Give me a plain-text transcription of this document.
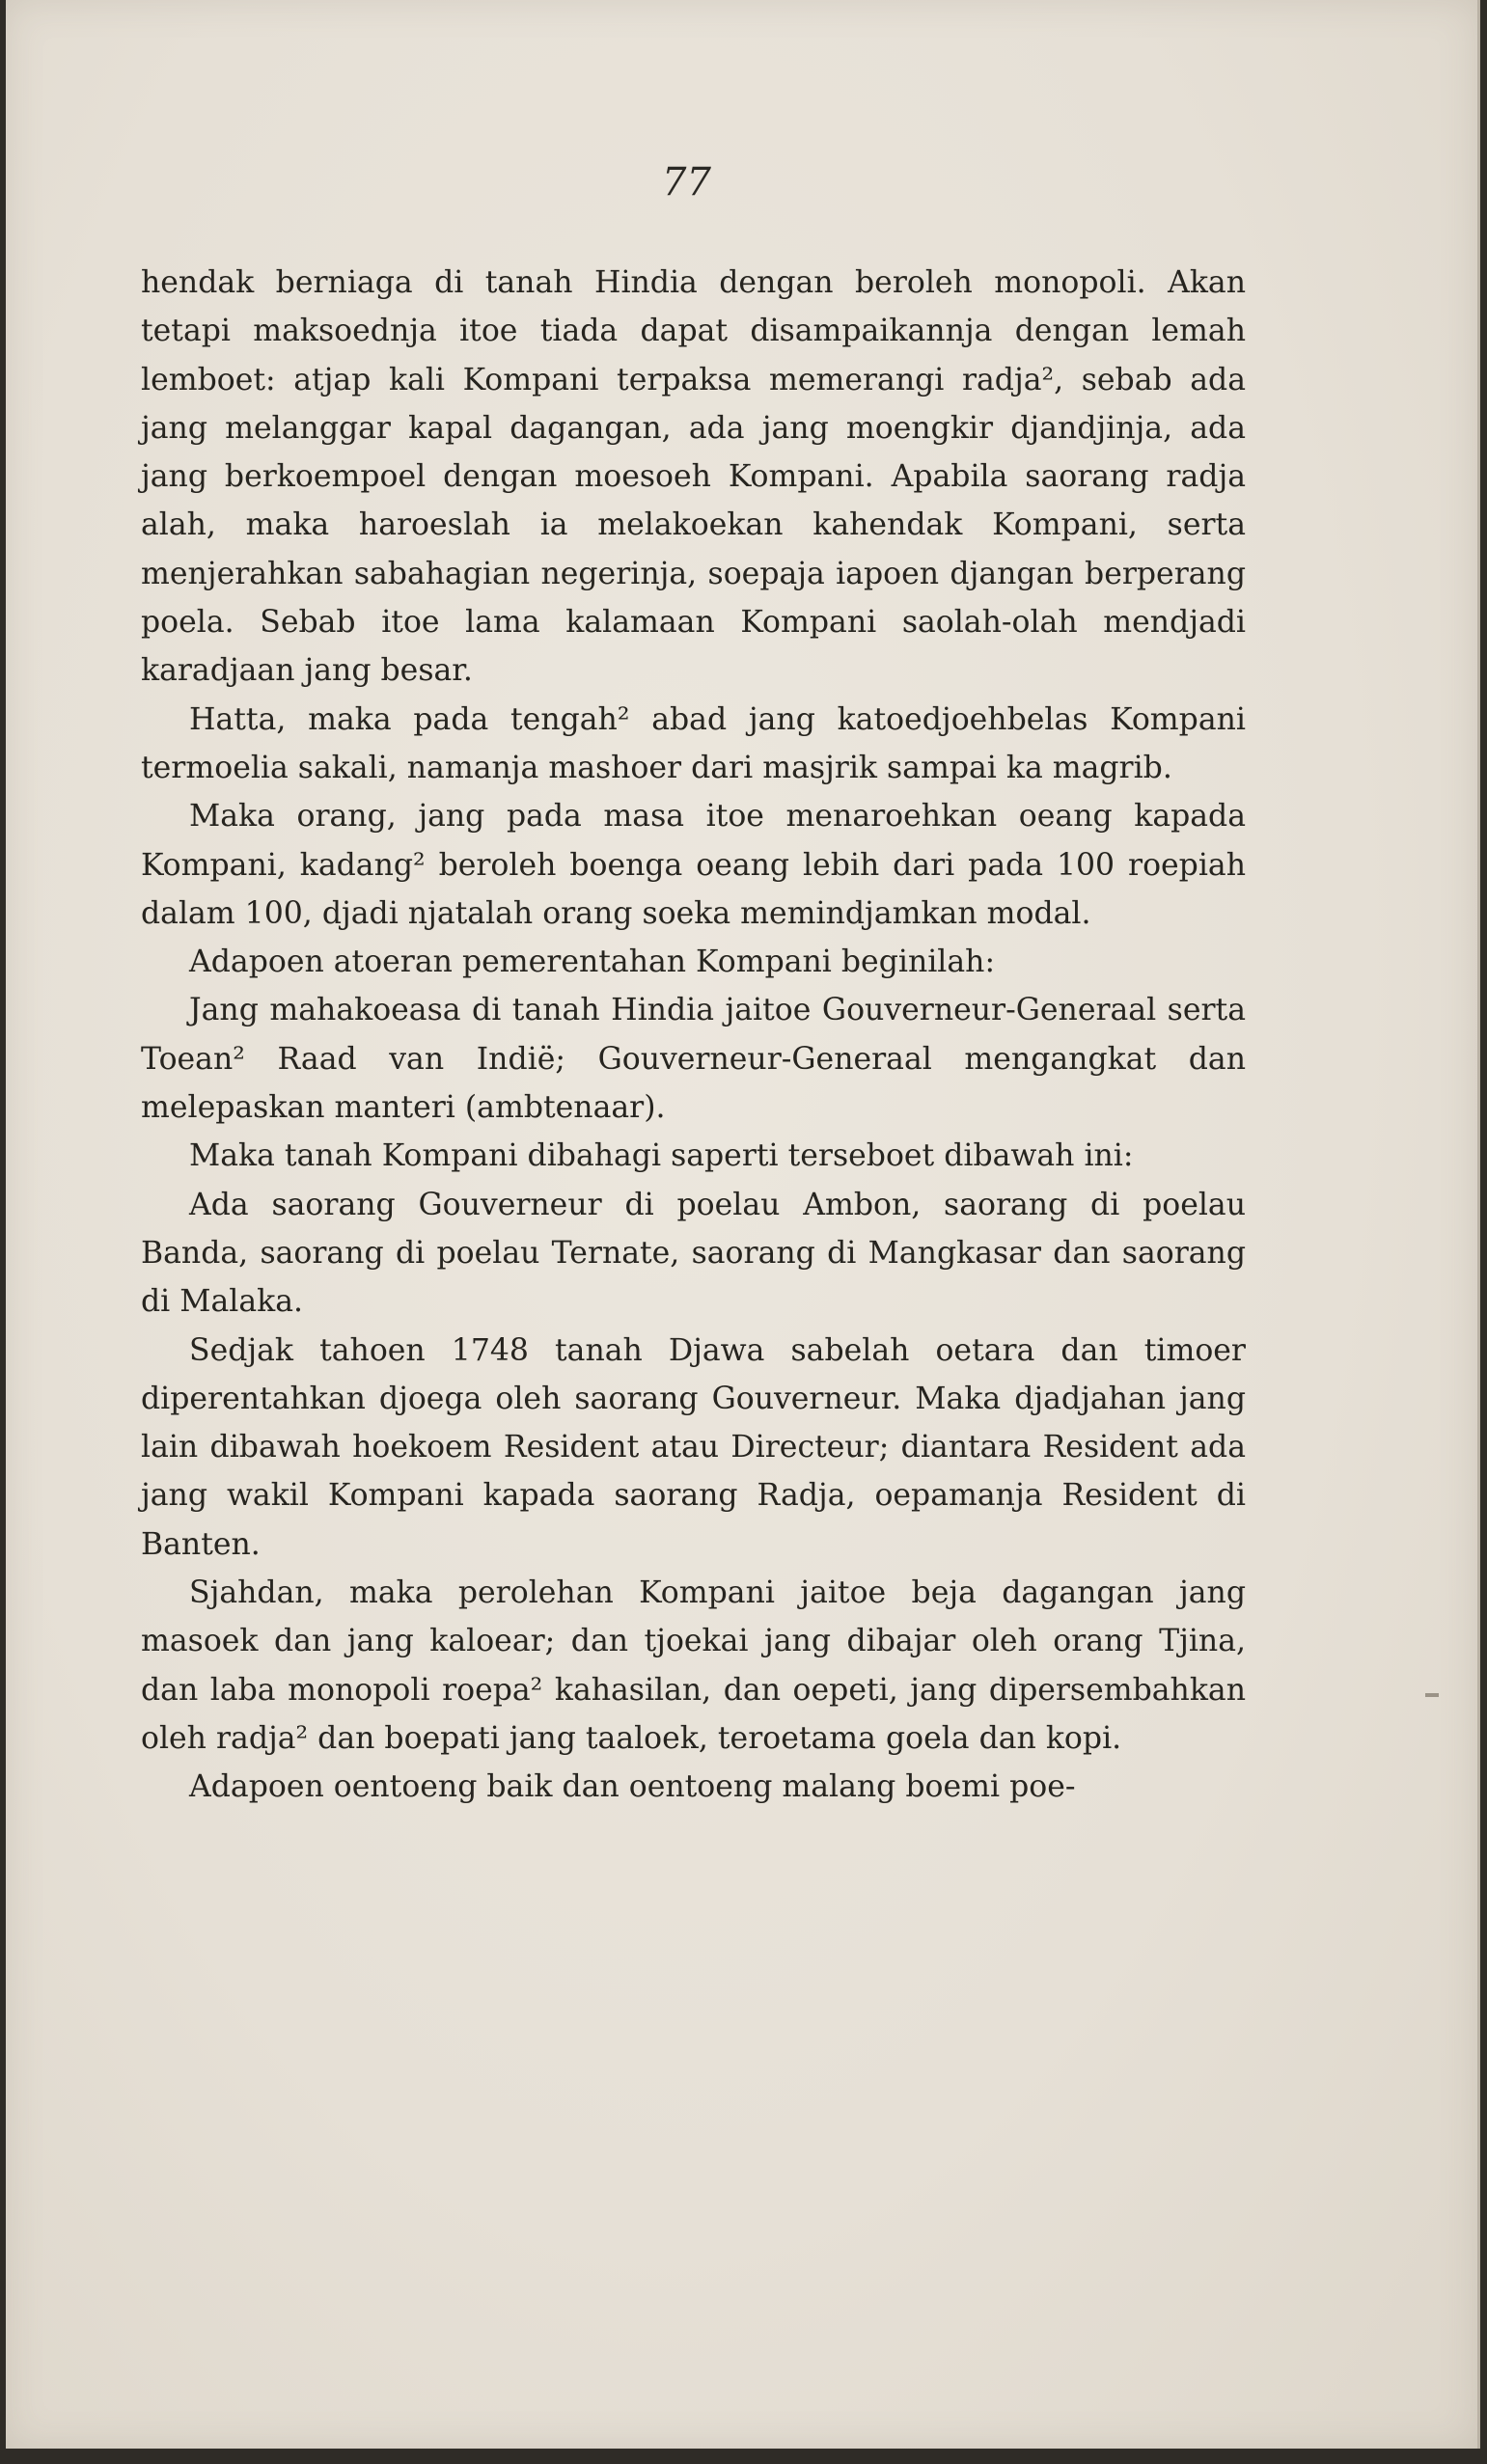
77

hendak berniaga di tanah Hindia dengan beroleh monopoli. Akan tetapi maksoednja itoe tiada dapat disampaikannja dengan lemah lemboet: atjap kali Kompani terpaksa memerangi radja², sebab ada jang melanggar kapal dagangan, ada jang moengkir djandjinja, ada jang berkoempoel dengan moesoeh Kompani. Apabila saorang radja alah, maka haroeslah ia melakoekan kahendak Kompani, serta menjerahkan sabahagian negerinja, soepaja iapoen djangan berperang poela. Sebab itoe lama kalamaan Kompani saolah-olah mendjadi karadjaan jang besar.

Hatta, maka pada tengah² abad jang katoedjoehbelas Kompani termoelia sakali, namanja mashoer dari masjrik sampai ka magrib.

Maka orang, jang pada masa itoe menaroehkan oeang kapada Kompani, kadang² beroleh boenga oeang lebih dari pada 100 roepiah dalam 100, djadi njatalah orang soeka memindjamkan modal.

Adapoen atoeran pemerentahan Kompani beginilah:

Jang mahakoeasa di tanah Hindia jaitoe Gouverneur-Generaal serta Toean² Raad van Indië; Gouverneur-Generaal mengangkat dan melepaskan manteri (ambtenaar).

Maka tanah Kompani dibahagi saperti terseboet dibawah ini:

Ada saorang Gouverneur di poelau Ambon, saorang di poelau Banda, saorang di poelau Ternate, saorang di Mangkasar dan saorang di Malaka.

Sedjak tahoen 1748 tanah Djawa sabelah oetara dan timoer diperentahkan djoega oleh saorang Gouverneur. Maka djadjahan jang lain dibawah hoekoem Resident atau Directeur; diantara Resident ada jang wakil Kompani kapada saorang Radja, oepamanja Resident di Banten.

Sjahdan, maka perolehan Kompani jaitoe beja dagangan jang masoek dan jang kaloear; dan tjoekai jang dibajar oleh orang Tjina, dan laba monopoli roepa² kahasilan, dan oepeti, jang dipersembahkan oleh radja² dan boepati jang taaloek, teroetama goela dan kopi.

Adapoen oentoeng baik dan oentoeng malang boemi poe-
